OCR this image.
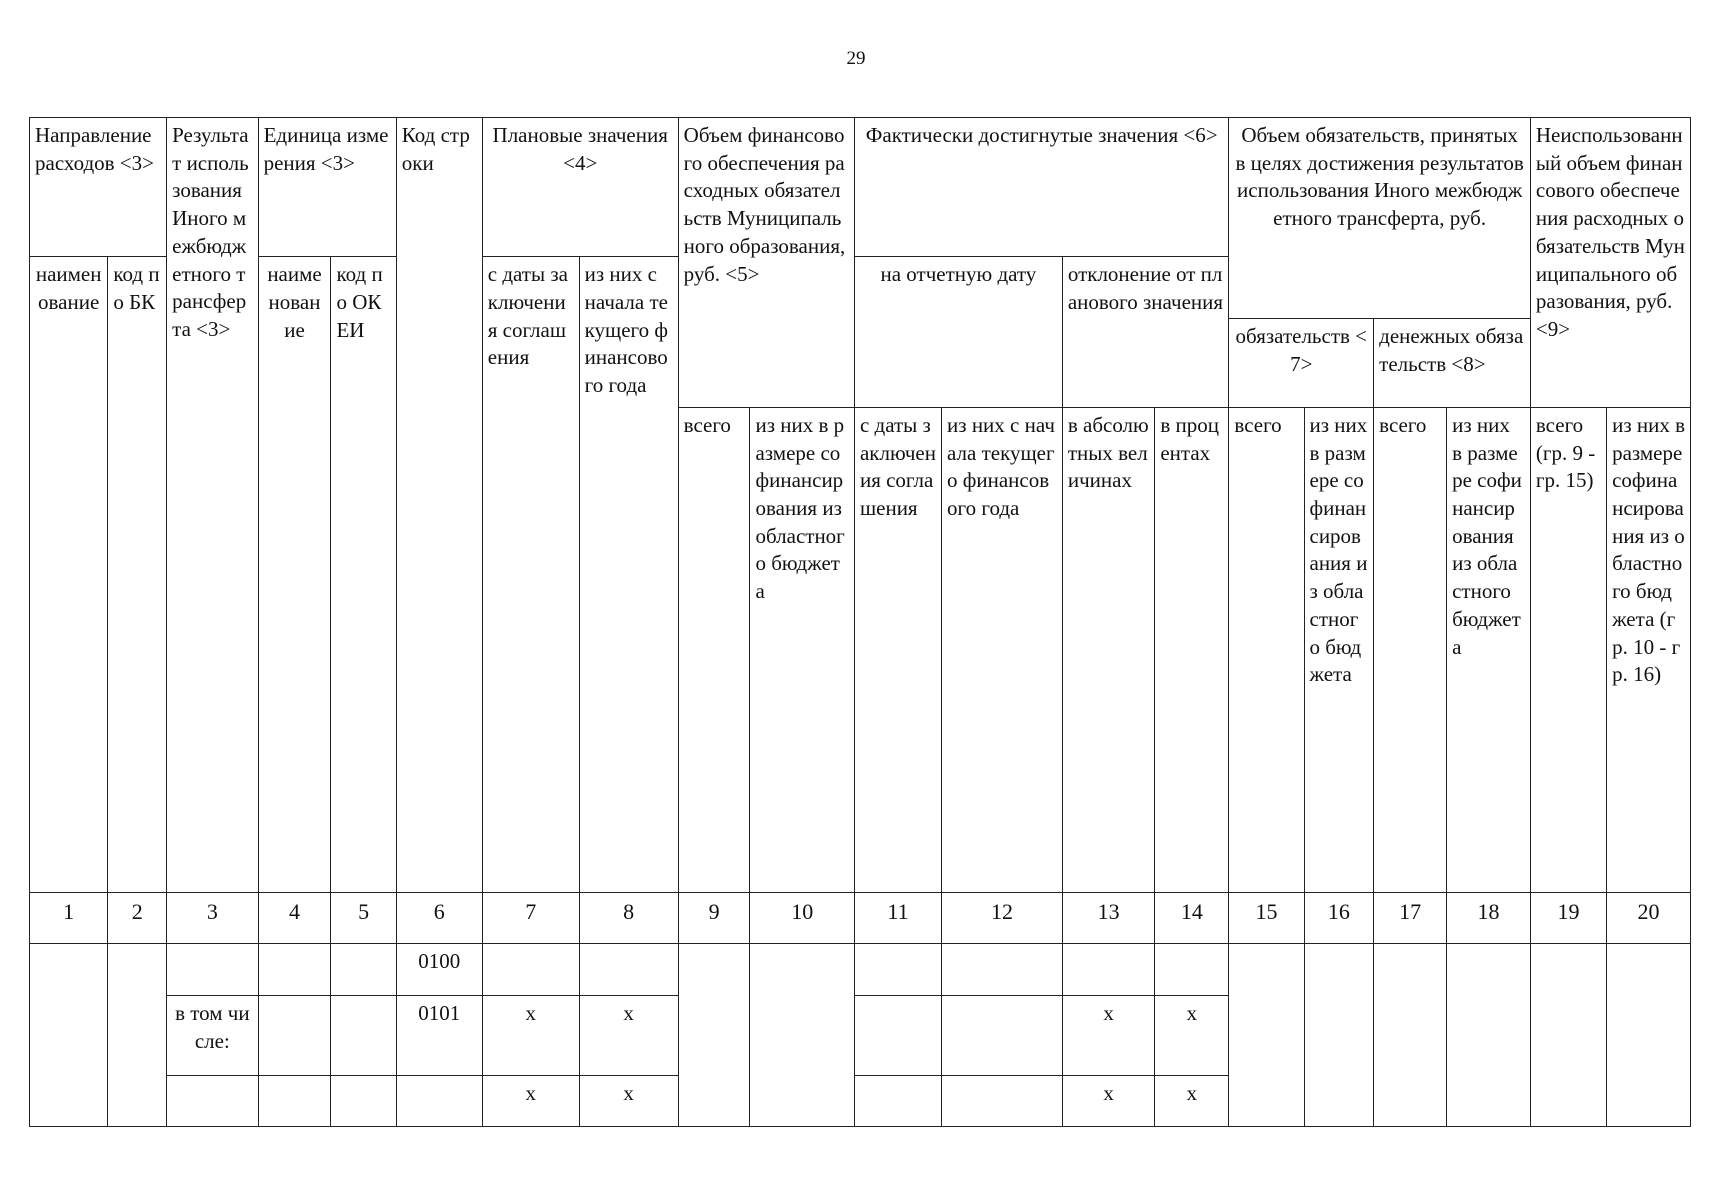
29
Направление расходов <3>		Результат использования Иного межбюджетного трансферта <3>	Единица измерения <3>		Код строки	Плановые значения <4>		Объем финансового обеспечения расходных обязательств Муниципального образования, руб. <5>		Фактически достигнутые значения <6>				Объем обязательств, принятых в целях достижения результатов использования Иного межбюджетного трансферта, руб.				Неиспользованный объем финансового обеспечения расходных обязательств Муниципального образования, руб. <9>	
наименование	код по БК		наименование	код по ОКЕИ		с даты заключения соглашения	из них с начала текущего финансового года			на отчетную дату		отклонение от планового значения							
														обязательств <7>		денежных обязательств <8>			
								всего	из них в размере софинансирования из областного бюджета	с даты заключения соглашения	из них с начала текущего финансового года	в абсолютных величинах	в процентах	всего	из них в размере софинансирования из областного бюджета	всего	из них в размере софинансирования из областного бюджета	всего (гр. 9 - гр. 15)	из них в размере софинансирования из областного бюджета (гр. 10 - гр. 16)
1	2	3	4	5	6	7	8	9	10	11	12	13	14	15	16	17	18	19	20
					0100														
		в том числе:			0101	x	x					x	x						
						x	x					x	x						
